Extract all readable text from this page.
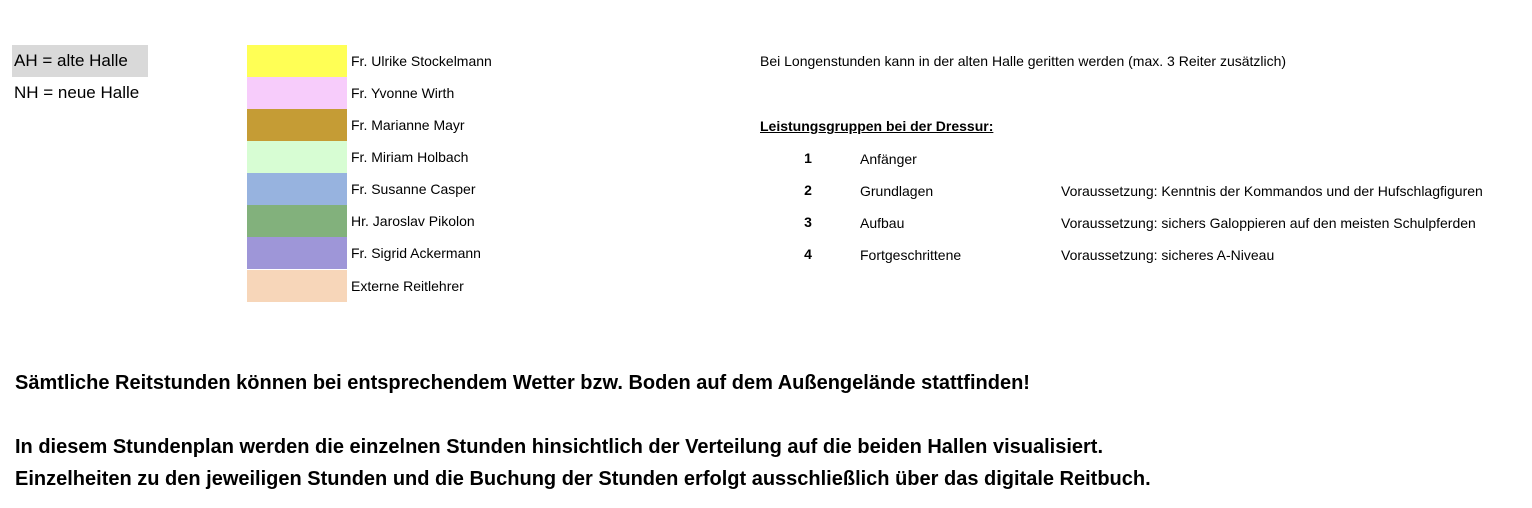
AH = alte Halle
NH = neue Halle
Fr. Ulrike Stockelmann
Fr. Yvonne Wirth
Fr. Marianne Mayr
Fr. Miriam Holbach
Fr. Susanne Casper
Hr. Jaroslav Pikolon
Fr. Sigrid Ackermann
Externe Reitlehrer
Bei Longenstunden kann in der alten Halle geritten werden (max. 3 Reiter zusätzlich)
Leistungsgruppen bei der Dressur:
1	Anfänger
2	Grundlagen	Voraussetzung: Kenntnis der Kommandos und der Hufschlagfiguren
3	Aufbau	Voraussetzung: sichers Galoppieren auf den meisten Schulpferden
4	Fortgeschrittene	Voraussetzung: sicheres A-Niveau
Sämtliche Reitstunden können bei entsprechendem Wetter bzw. Boden auf dem Außengelände stattfinden!
In diesem Stundenplan werden die einzelnen Stunden hinsichtlich der Verteilung auf die beiden Hallen visualisiert.
Einzelheiten zu den jeweiligen Stunden und die Buchung der Stunden erfolgt ausschließlich über das digitale Reitbuch.
